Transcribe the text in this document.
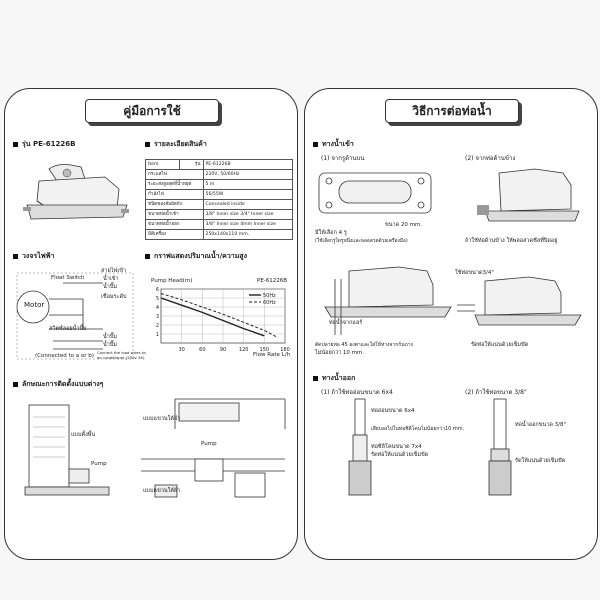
คู่มือการใช้
รุ่น PE-61226B	รายละเอียดสินค้า
Item	รุ่น	PE-61226B
กระแสไฟ		220V, 50/60Hz
ระยะส่งสูงสุดที่น้ำหยุด		5 m
กำลังไฟ		56/55W
ชนิดของสัมผัสถัง		Concealed inside
ขนาดท่อน้ำเข้า		3/8" Inner size 3/4" Inner size
ขนาดท่อน้ำออก		3/8" Inner size 4mm Inner size
มิติเครื่อง		250x140x110 mm.
วงจรไฟฟ้า
Motor
Float Switch
สายไฟเข้า
น้ำเข้า
น้ำปั๊ม
เชื่อมระดับ
สวิตซ์ลอยน้ำปั๊ม
น้ำปั๊ม
น้ำปั๊ม
(Connected to a or b)
Connect the load wires to air conditioner (250v 3A)
กราฟแสดงปริมาณน้ำ/ความสูง
Pump Head(m)	PE-61226B
Flow Rate L/h
30	60	90	120 150 180
1
2
3
4
5
6
50Hz
60Hz
ลักษณะการติดตั้งแบบต่างๆ
แบบตั้งพื้น
Pump
แบบแขวนใต้ฝ้า
Pump
แบบแขวนใต้ฝ้า
วิธีการต่อท่อน้ำ
ทางน้ำเข้า
(1) จากรูด้านบน	(2) จากท่อด้านข้าง
ขนาด 20 mm.
มีให้เลือก 4 รู
(ใช้เลือกรูใดรูหนึ่งและพลอสวดด้วยเครื่องมือ)	ถ้าใช้ท่อด้านข้าง ให้พลอสวดซีลที่ปิดอยู่
ท่อน้ำจากแอร์
ตัดปลายท่อ 45 องศาและใส่ให้ห่างจากก้นถาง
ไม่น้อยกว่า 10 mm.
ใช้ท่อขนาด3/4"
รัดท่อให้แน่นด้วยเข็มขัด
ทางน้ำออก
(1) ถ้าใช้ท่ออ่อนขนาด 6x4	(2) ถ้าใช้ท่อขนาด 3/8"
ท่ออ่อนขนาด 6x4
เสียบลงไปในท่อซิลิโคนไม่น้อยกว่า10 mm.
ท่อซิลิโคนขนาด 7x4
รัดท่อให้แน่นด้วยเข็มขัด
ท่อน้ำออกขนาด 3/8"
รัดให้แน่นด้วยเข็มขัด
